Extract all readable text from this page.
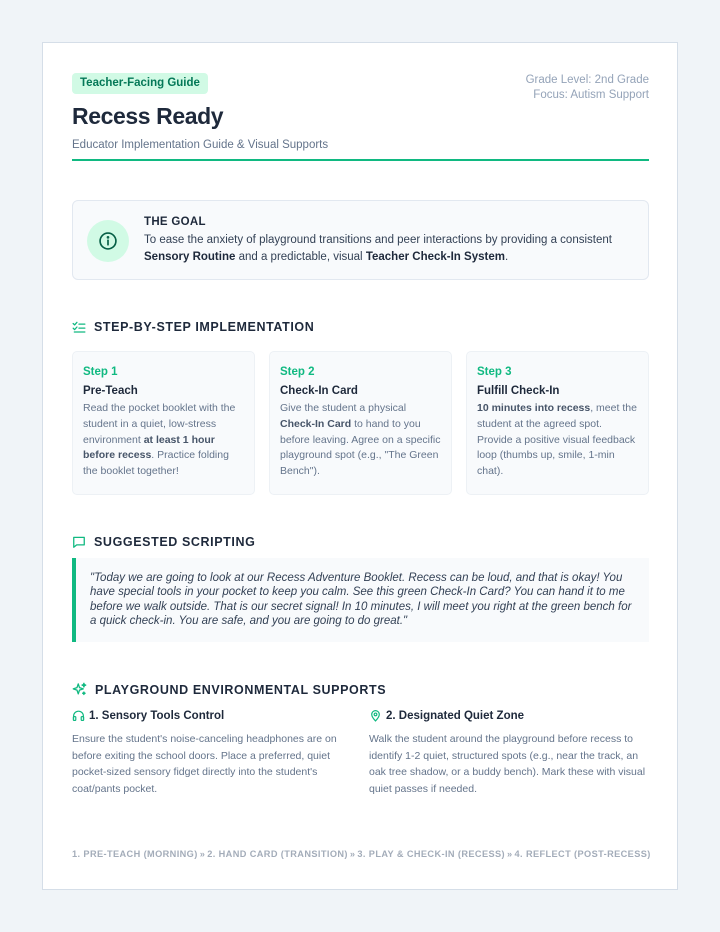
Teacher-Facing Guide	Grade Level: 2nd Grade
Focus: Autism Support
Recess Ready
Educator Implementation Guide & Visual Supports
THE GOAL
To ease the anxiety of playground transitions and peer interactions by providing a consistent Sensory Routine and a predictable, visual Teacher Check-In System.
STEP-BY-STEP IMPLEMENTATION
Step 1
Pre-Teach
Read the pocket booklet with the student in a quiet, low-stress environment at least 1 hour before recess. Practice folding the booklet together!
Step 2
Check-In Card
Give the student a physical Check-In Card to hand to you before leaving. Agree on a specific playground spot (e.g., "The Green Bench").
Step 3
Fulfill Check-In
10 minutes into recess, meet the student at the agreed spot. Provide a positive visual feedback loop (thumbs up, smile, 1-min chat).
SUGGESTED SCRIPTING
"Today we are going to look at our Recess Adventure Booklet. Recess can be loud, and that is okay! You have special tools in your pocket to keep you calm. See this green Check-In Card? You can hand it to me before we walk outside. That is our secret signal! In 10 minutes, I will meet you right at the green bench for a quick check-in. You are safe, and you are going to do great."
PLAYGROUND ENVIRONMENTAL SUPPORTS
1. Sensory Tools Control
Ensure the student's noise-canceling headphones are on before exiting the school doors. Place a preferred, quiet pocket-sized sensory fidget directly into the student's coat/pants pocket.
2. Designated Quiet Zone
Walk the student around the playground before recess to identify 1-2 quiet, structured spots (e.g., near the track, an oak tree shadow, or a buddy bench). Mark these with visual quiet passes if needed.
1. PRE-TEACH (MORNING) » 2. HAND CARD (TRANSITION) » 3. PLAY & CHECK-IN (RECESS) » 4. REFLECT (POST-RECESS)
